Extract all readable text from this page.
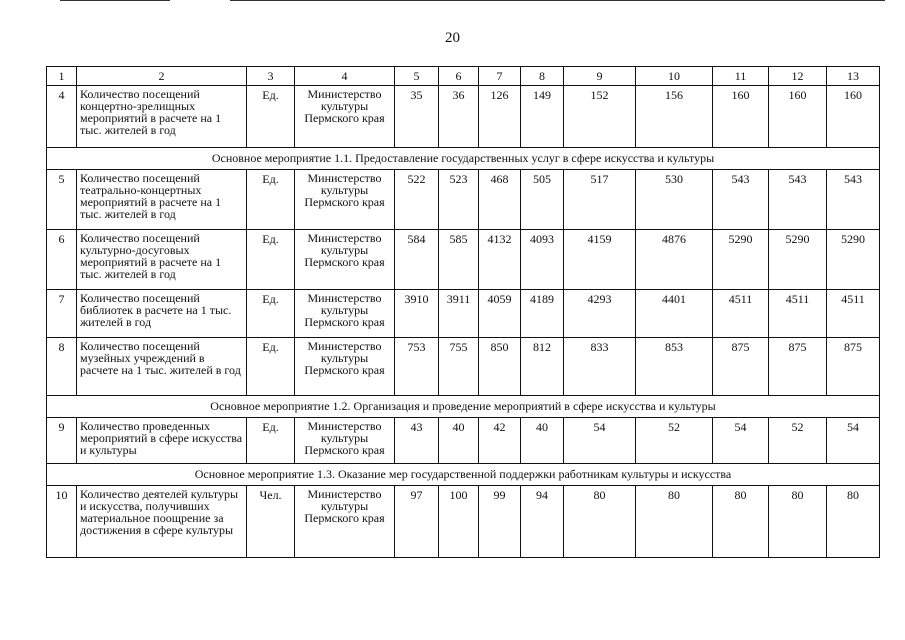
20
1	2	3	4	5	6	7	8	9	10	11	12	13
4	Количество посещений концертно-зрелищных мероприятий в расчете на 1 тыс. жителей в год	Ед.	Министерство культуры Пермского края	35	36	126	149	152	156	160	160	160
Основное мероприятие 1.1. Предоставление государственных услуг в сфере искусства и культуры												
5	Количество посещений театрально-концертных мероприятий в расчете на 1 тыс. жителей в год	Ед.	Министерство культуры Пермского края	522	523	468	505	517	530	543	543	543
6	Количество посещений культурно-досуговых мероприятий в расчете на 1 тыс. жителей в год	Ед.	Министерство культуры Пермского края	584	585	4132	4093	4159	4876	5290	5290	5290
7	Количество посещений библиотек в расчете на 1 тыс. жителей в год	Ед.	Министерство культуры Пермского края	3910	3911	4059	4189	4293	4401	4511	4511	4511
8	Количество посещений музейных учреждений в расчете на 1 тыс. жителей в год	Ед.	Министерство культуры Пермского края	753	755	850	812	833	853	875	875	875
Основное мероприятие 1.2. Организация и проведение мероприятий в сфере искусства и культуры												
9	Количество проведенных мероприятий в сфере искусства и культуры	Ед.	Министерство культуры Пермского края	43	40	42	40	54	52	54	52	54
Основное мероприятие 1.3. Оказание мер государственной поддержки работникам культуры и искусства												
10	Количество деятелей культуры и искусства, получивших материальное поощрение за достижения в сфере культуры	Чел.	Министерство культуры Пермского края	97	100	99	94	80	80	80	80	80
